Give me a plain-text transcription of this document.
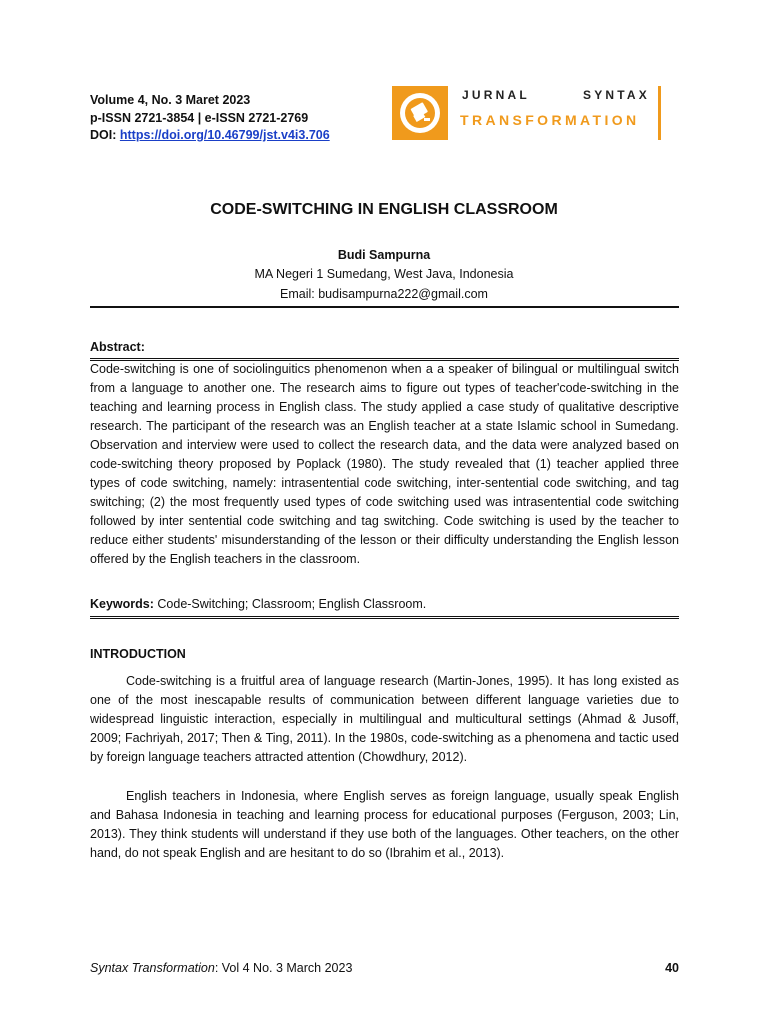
Volume 4, No. 3 Maret 2023
p-ISSN 2721-3854 | e-ISSN 2721-2769
DOI: https://doi.org/10.46799/jst.v4i3.706
JURNAL	SYNTAX
TRANSFORMATION
CODE-SWITCHING IN ENGLISH CLASSROOM
Budi Sampurna
MA Negeri 1 Sumedang, West Java, Indonesia
Email: budisampurna222@gmail.com
Abstract:
Code-switching is one of sociolinguitics phenomenon when a a speaker of bilingual or multilingual switch from a language to another one. The research aims to figure out types of teacher'code-switching in the teaching and learning process in English class. The study applied a case study of qualitative descriptive research. The participant of the research was an English teacher at a state Islamic school in Sumedang. Observation and interview were used to collect the research data, and the data were analyzed based on code-switching theory proposed by Poplack (1980). The study revealed that (1) teacher applied three types of code switching, namely: intrasentential code switching, inter-sentential code switching, and tag switching; (2) the most frequently used types of code switching used was intrasentential code switching followed by inter sentential code switching and tag switching. Code switching is used by the teacher to reduce either students' misunderstanding of the lesson or their difficulty understanding the English lesson offered by the English teachers in the classroom.
Keywords: Code-Switching; Classroom; English Classroom.
INTRODUCTION
Code-switching is a fruitful area of language research (Martin-Jones, 1995). It has long existed as one of the most inescapable results of communication between different language varieties due to widespread linguistic interaction, especially in multilingual and multicultural settings (Ahmad & Jusoff, 2009; Fachriyah, 2017; Then & Ting, 2011). In the 1980s, code-switching as a phenomena and tactic used by foreign language teachers attracted attention (Chowdhury, 2012).
English teachers in Indonesia, where English serves as foreign language, usually speak English and Bahasa Indonesia in teaching and learning process for educational purposes (Ferguson, 2003; Lin, 2013). They think students will understand if they use both of the languages. Other teachers, on the other hand, do not speak English and are hesitant to do so (Ibrahim et al., 2013).
Syntax Transformation: Vol 4 No. 3 March 2023	40
